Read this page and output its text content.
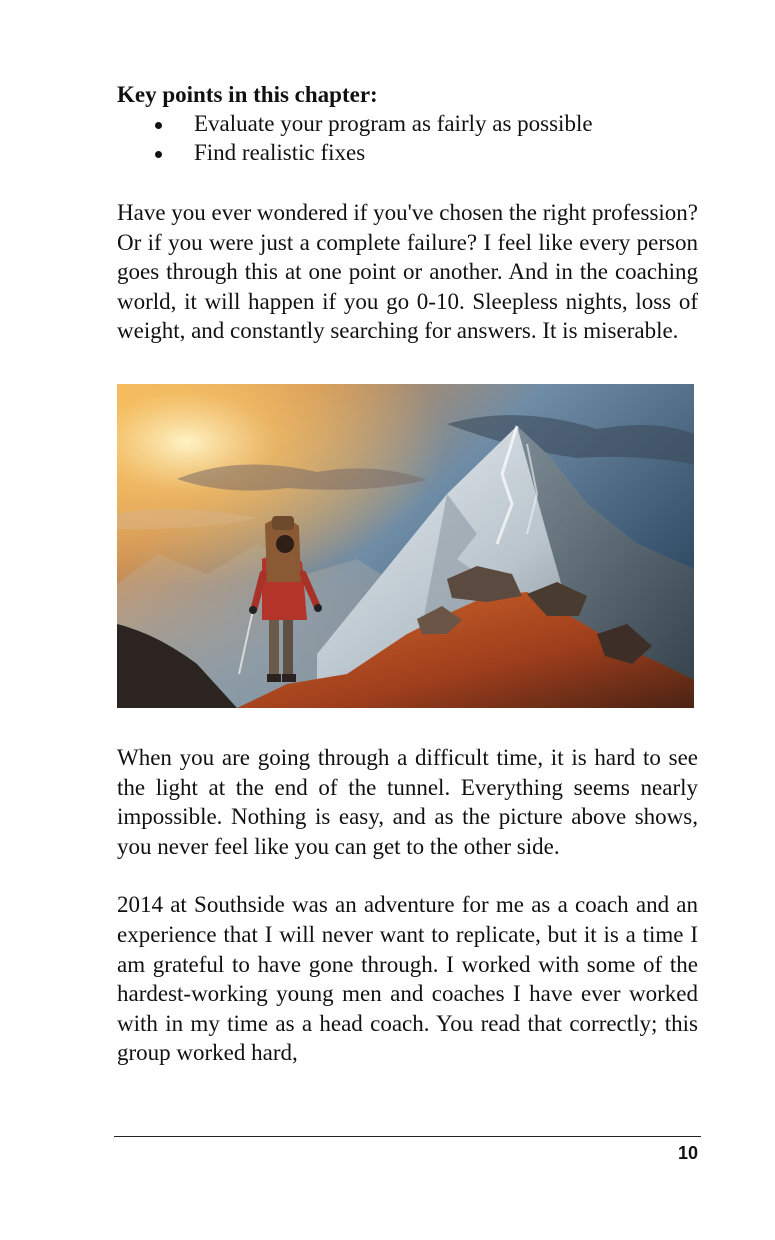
Key points in this chapter:

Evaluate your program as fairly as possible
Find realistic fixes

Have you ever wondered if you've chosen the right profession? Or if you were just a complete failure? I feel like every person goes through this at one point or another. And in the coaching world, it will happen if you go 0-10. Sleepless nights, loss of weight, and constantly searching for answers. It is miserable.

When you are going through a difficult time, it is hard to see the light at the end of the tunnel. Everything seems nearly impossible. Nothing is easy, and as the picture above shows, you never feel like you can get to the other side.

2014 at Southside was an adventure for me as a coach and an experience that I will never want to replicate, but it is a time I am grateful to have gone through. I worked with some of the hardest-working young men and coaches I have ever worked with in my time as a head coach. You read that correctly; this group worked hard,

10
